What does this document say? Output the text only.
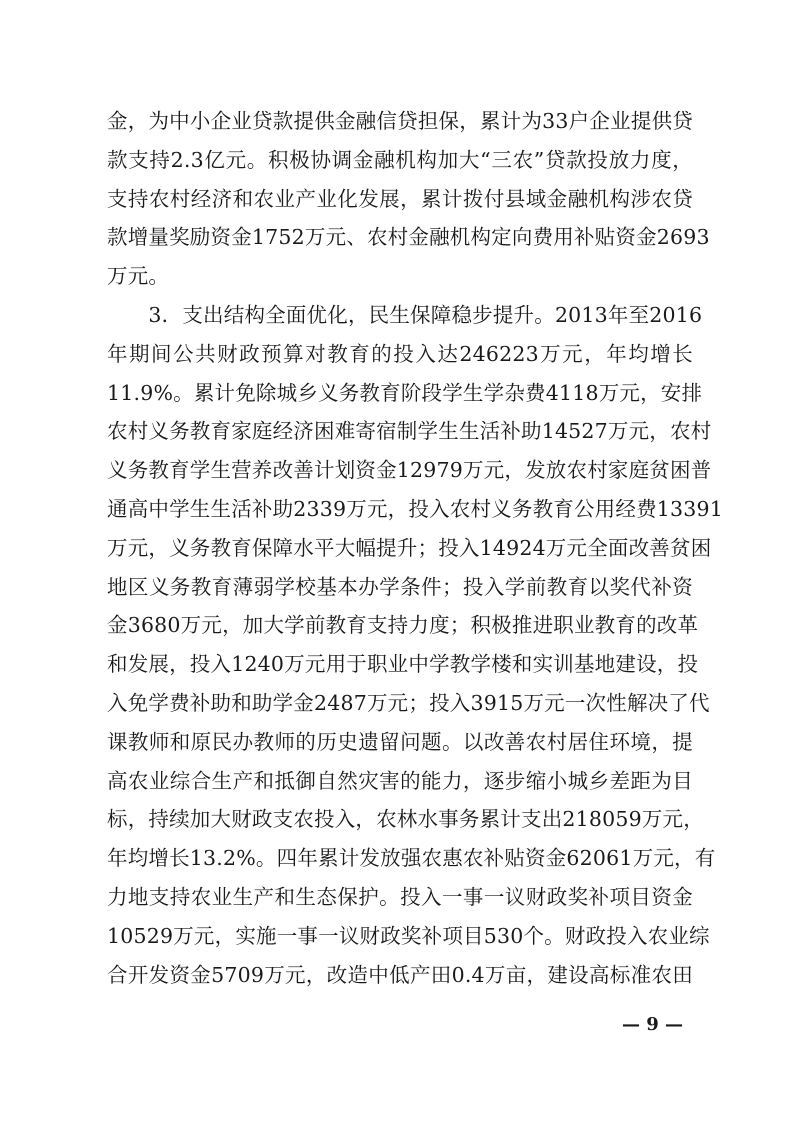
金，为中小企业贷款提供金融信贷担保，累计为33户企业提供贷
款支持2.3亿元。积极协调金融机构加大“三农”贷款投放力度，
支持农村经济和农业产业化发展，累计拨付县域金融机构涉农贷
款增量奖励资金1752万元、农村金融机构定向费用补贴资金2693
万元。
　　3．支出结构全面优化，民生保障稳步提升。2013年至2016
年期间公共财政预算对教育的投入达246223万元，年均增长
11.9%。累计免除城乡义务教育阶段学生学杂费4118万元，安排
农村义务教育家庭经济困难寄宿制学生生活补助14527万元，农村
义务教育学生营养改善计划资金12979万元，发放农村家庭贫困普
通高中学生生活补助2339万元，投入农村义务教育公用经费13391
万元，义务教育保障水平大幅提升；投入14924万元全面改善贫困
地区义务教育薄弱学校基本办学条件；投入学前教育以奖代补资
金3680万元，加大学前教育支持力度；积极推进职业教育的改革
和发展，投入1240万元用于职业中学教学楼和实训基地建设，投
入免学费补助和助学金2487万元；投入3915万元一次性解决了代
课教师和原民办教师的历史遗留问题。以改善农村居住环境，提
高农业综合生产和抵御自然灾害的能力，逐步缩小城乡差距为目
标，持续加大财政支农投入，农林水事务累计支出218059万元，
年均增长13.2%。四年累计发放强农惠农补贴资金62061万元，有
力地支持农业生产和生态保护。投入一事一议财政奖补项目资金
10529万元，实施一事一议财政奖补项目530个。财政投入农业综
合开发资金5709万元，改造中低产田0.4万亩，建设高标准农田
— 9 —
